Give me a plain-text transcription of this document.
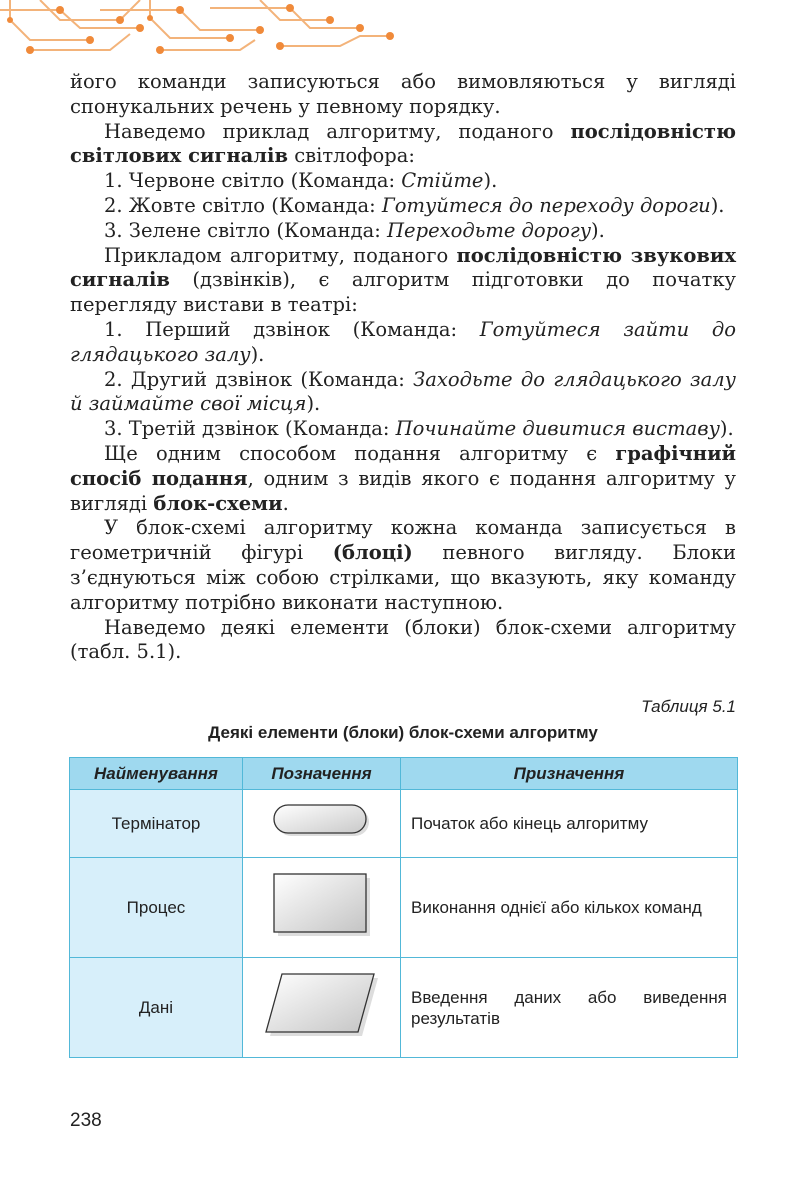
його команди записуються або вимовляються у вигляді спонукальних речень у певному порядку.

Наведемо приклад алгоритму, поданого послідовністю світлових сигналів світлофора:

1. Червоне світло (Команда: Стійте).

2. Жовте світло (Команда: Готуйтеся до переходу дороги).

3. Зелене світло (Команда: Переходьте дорогу).

Прикладом алгоритму, поданого послідовністю звукових сигналів (дзвінків), є алгоритм підготовки до початку перегляду вистави в театрі:

1. Перший дзвінок (Команда: Готуйтеся зайти до глядацького залу).

2. Другий дзвінок (Команда: Заходьте до глядацького залу й займайте свої місця).

3. Третій дзвінок (Команда: Починайте дивитися виставу).

Ще одним способом подання алгоритму є графічний спосіб подання, одним з видів якого є подання алгоритму у вигляді блок-схеми.

У блок-схемі алгоритму кожна команда записується в геометричній фігурі (блоці) певного вигляду. Блоки з’єднуються між собою стрілками, що вказують, яку команду алгоритму потрібно виконати наступною.

Наведемо деякі елементи (блоки) блок-схеми алгоритму (табл. 5.1).

Таблиця 5.1
Деякі елементи (блоки) блок-схеми алгоритму
Найменування	Позначення	Призначення
Термінатор		Початок або кінець алгоритму
Процес		Виконання однієї або кількох команд
Дані		Введення даних або виведення результатів
238
